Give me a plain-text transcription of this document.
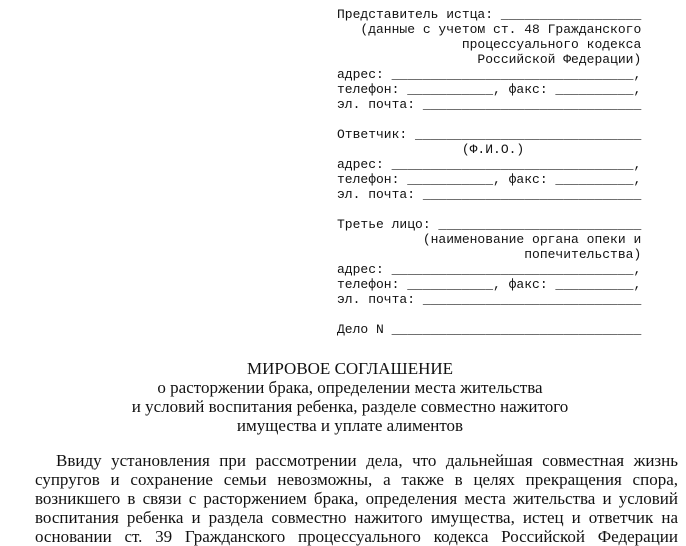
Представитель истца: __________________
(данные с учетом ст. 48 Гражданского
процессуального кодекса
Российской Федерации)
адрес: _______________________________,
телефон: ___________, факс: __________,
эл. почта: ____________________________
Ответчик: _____________________________
(Ф.И.О.)
адрес: _______________________________,
телефон: ___________, факс: __________,
эл. почта: ____________________________
Третье лицо: __________________________
(наименование органа опеки и
попечительства)
адрес: _______________________________,
телефон: ___________, факс: __________,
эл. почта: ____________________________
Дело N ________________________________
МИРОВОЕ СОГЛАШЕНИЕ
о расторжении брака, определении места жительства
и условий воспитания ребенка, разделе совместно нажитого
имущества и уплате алиментов
Ввиду установления при рассмотрении дела, что дальнейшая совместная жизнь
супругов и сохранение семьи невозможны, а также в целях прекращения спора,
возникшего в связи с расторжением брака, определения места жительства и условий
воспитания ребенка и раздела совместно нажитого имущества, истец и ответчик на
основании ст. 39 Гражданского процессуального кодекса Российской Федерации
